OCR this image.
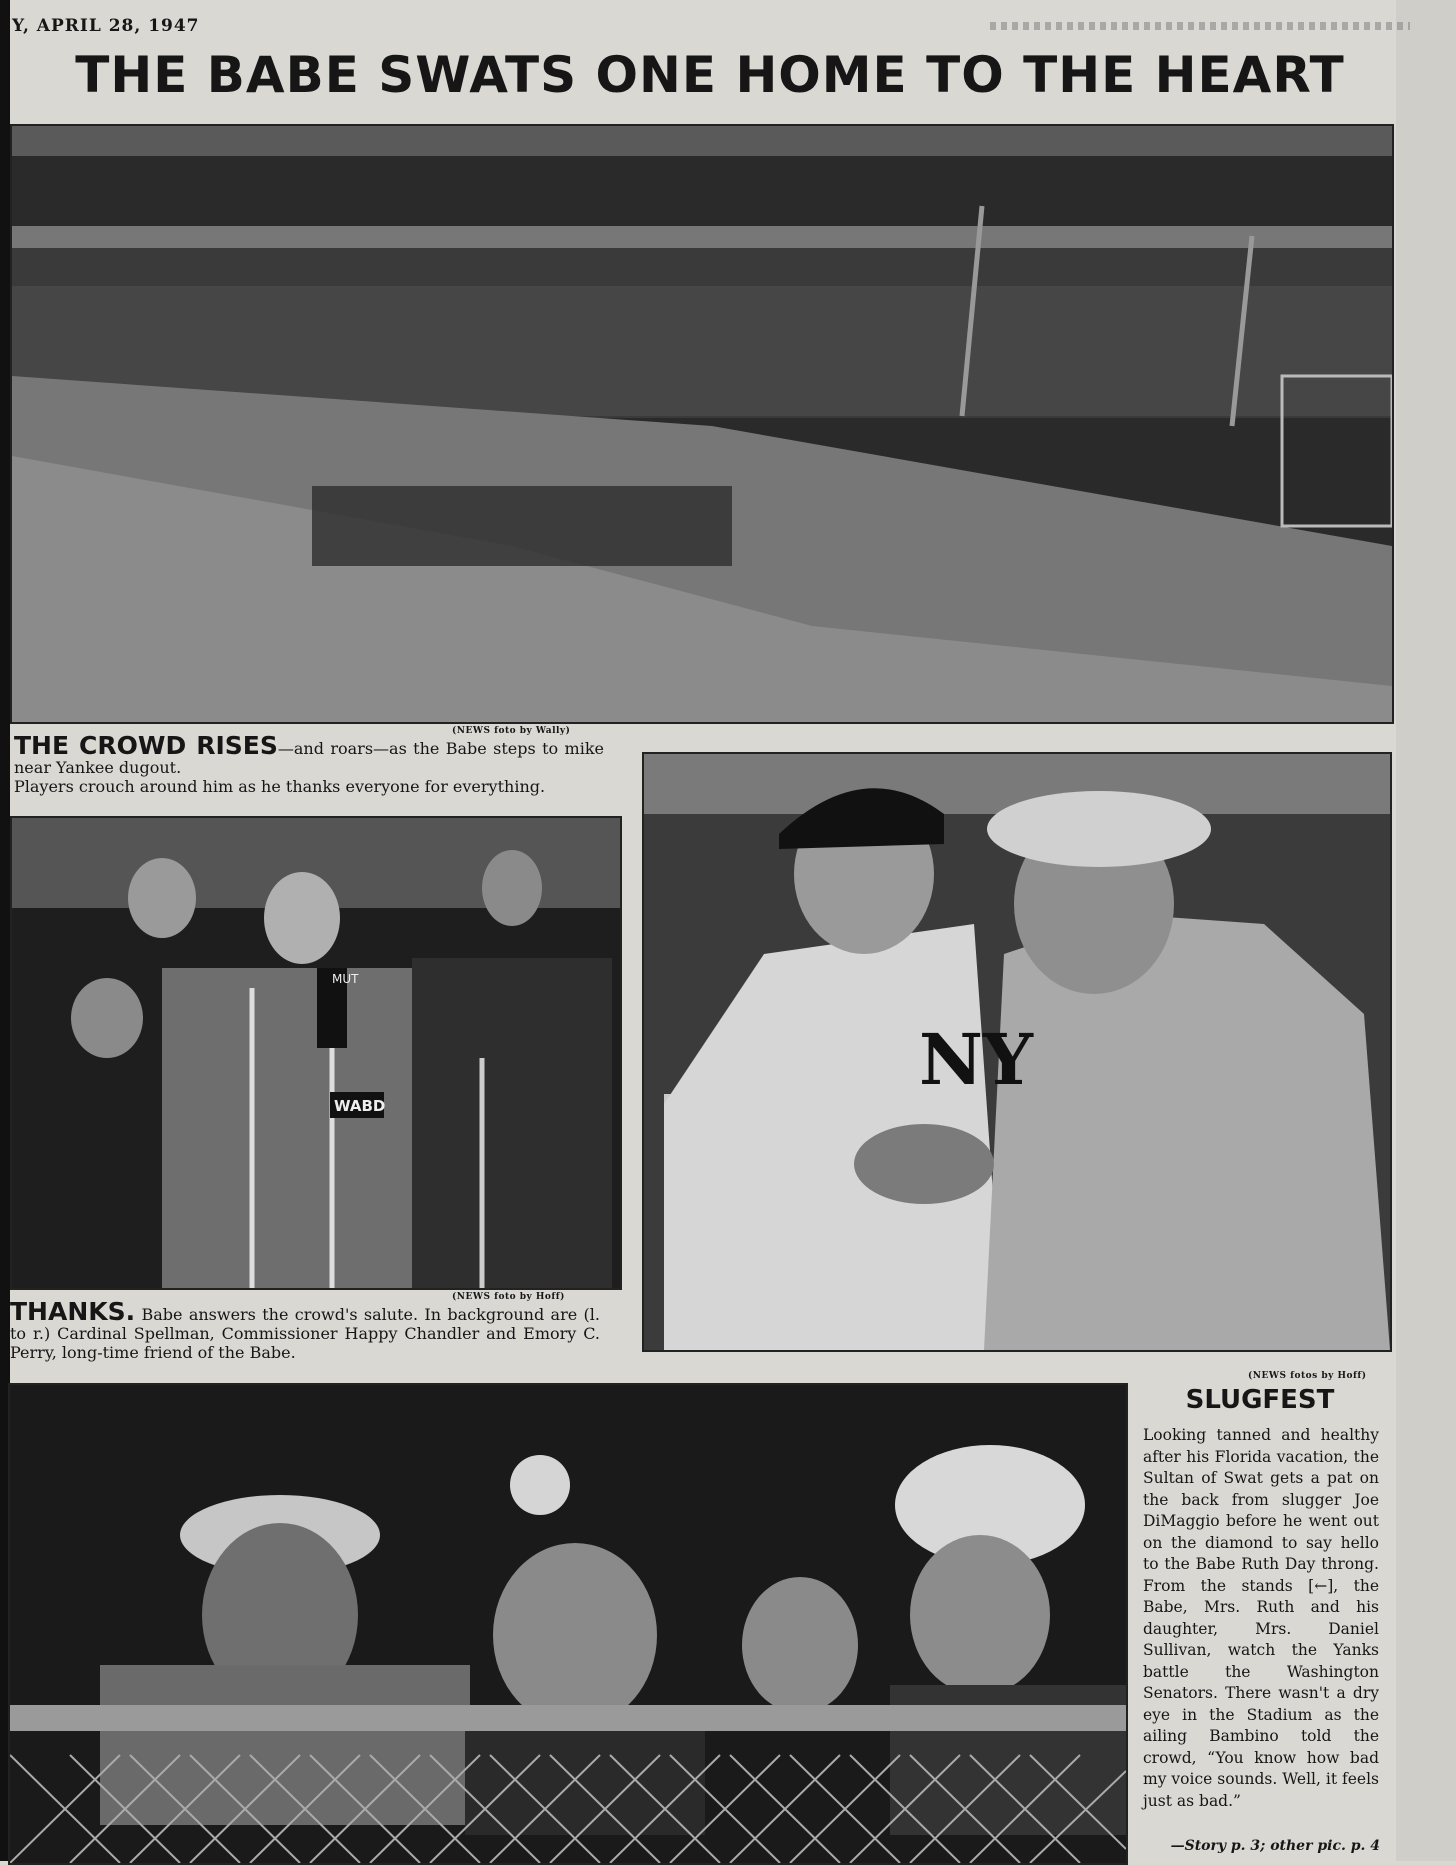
Y, APRIL 28, 1947
THE BABE SWATS ONE HOME TO THE HEART
(NEWS foto by Wally)
THE CROWD RISES—and roars—as the Babe steps to mike near Yankee dugout.
Players crouch around him as he thanks everyone for everything.
MUT
WABD
(NEWS foto by Hoff)
THANKS. Babe answers the crowd's salute. In background are (l. to r.) Cardinal Spellman, Commissioner Happy Chandler and Emory C. Perry, long-time friend of the Babe.
NY
(NEWS fotos by Hoff)
SLUGFEST
Looking tanned and healthy after his Florida vacation, the Sultan of Swat gets a pat on the back from slugger Joe DiMaggio before he went out on the diamond to say hello to the Babe Ruth Day throng. From the stands [←], the Babe, Mrs. Ruth and his daughter, Mrs. Daniel Sullivan, watch the Yanks battle the Washington Senators. There wasn't a dry eye in the Stadium as the ailing Bambino told the crowd, “You know how bad my voice sounds. Well, it feels just as bad.”
—Story p. 3; other pic. p. 4
